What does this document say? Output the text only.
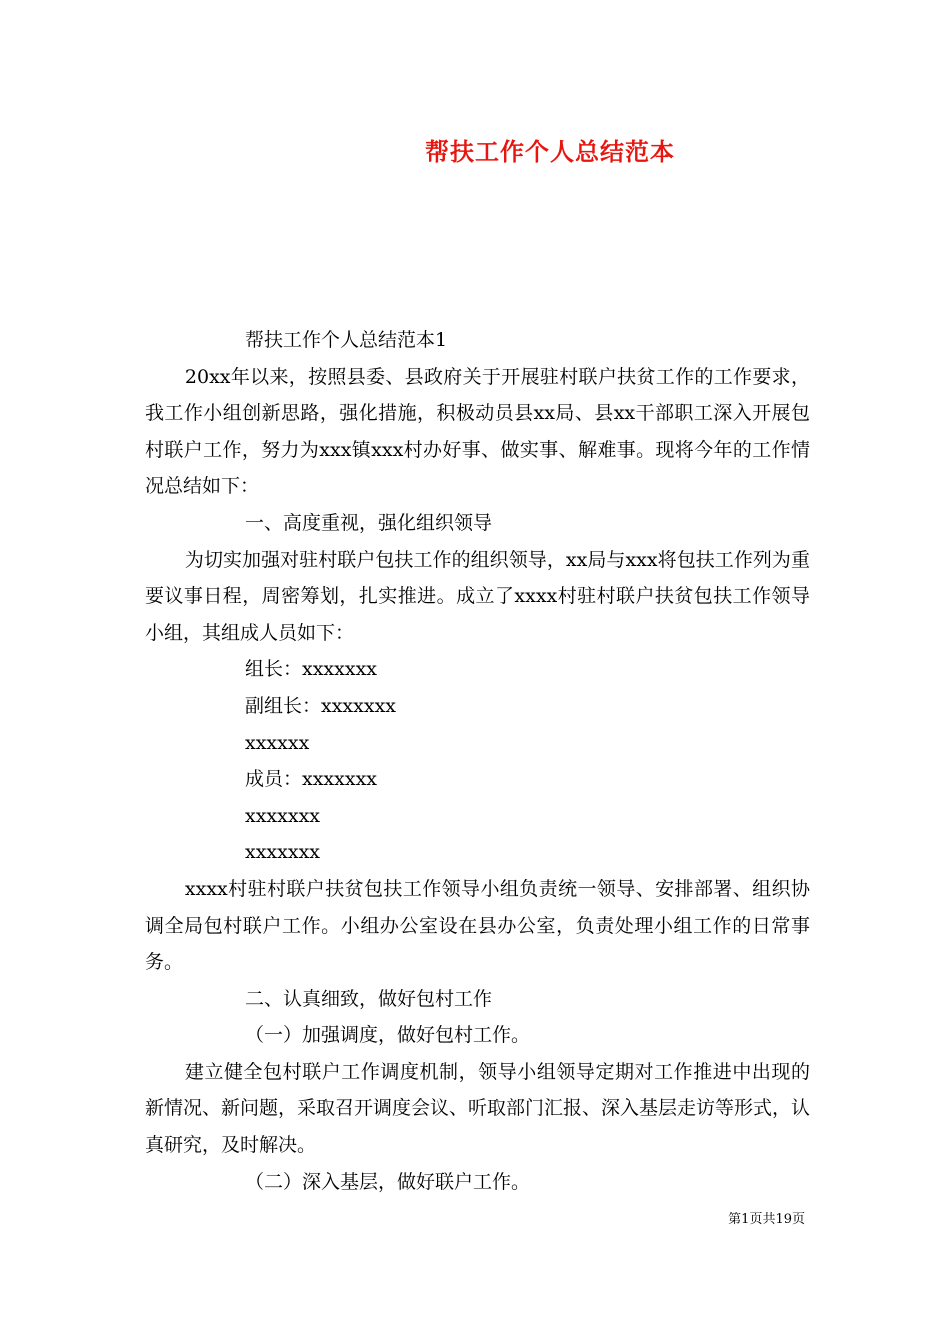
帮扶工作个人总结范本

帮扶工作个人总结范本1

20xx年以来，按照县委、县政府关于开展驻村联户扶贫工作的工作要求，我工作小组创新思路，强化措施，积极动员县xx局、县xx干部职工深入开展包村联户工作，努力为xxx镇xxx村办好事、做实事、解难事。现将今年的工作情况总结如下：

一、高度重视，强化组织领导

为切实加强对驻村联户包扶工作的组织领导，xx局与xxx将包扶工作列为重要议事日程，周密筹划，扎实推进。成立了xxxx村驻村联户扶贫包扶工作领导小组，其组成人员如下：

组长：xxxxxxx

副组长：xxxxxxx

xxxxxx

成员：xxxxxxx

xxxxxxx

xxxxxxx

xxxx村驻村联户扶贫包扶工作领导小组负责统一领导、安排部署、组织协调全局包村联户工作。小组办公室设在县办公室，负责处理小组工作的日常事务。

二、认真细致，做好包村工作

（一）加强调度，做好包村工作。

建立健全包村联户工作调度机制，领导小组领导定期对工作推进中出现的新情况、新问题，采取召开调度会议、听取部门汇报、深入基层走访等形式，认真研究，及时解决。

（二）深入基层，做好联户工作。

第1页共19页
